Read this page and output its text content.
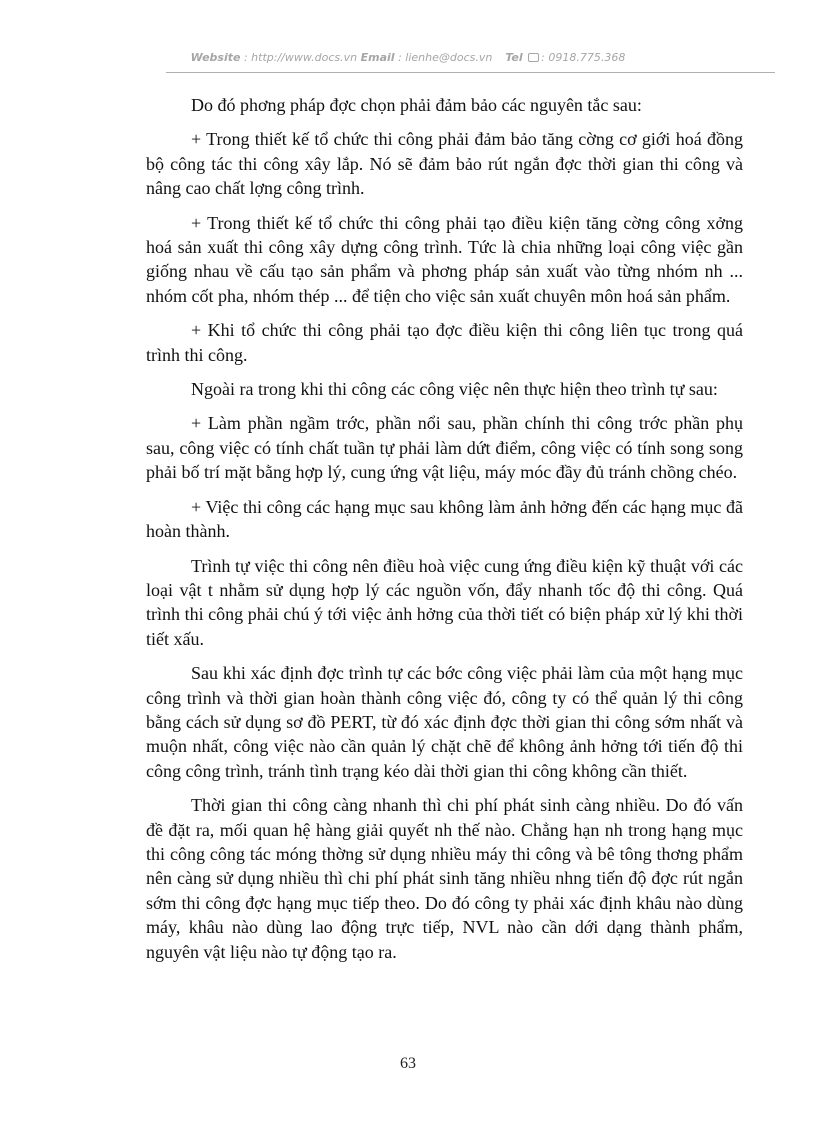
Website : http://www.docs.vn Email : lienhe@docs.vn Tel : 0918.775.368

Do đó phơng pháp đợc chọn phải đảm bảo các nguyên tắc sau:

+ Trong thiết kế tổ chức thi công phải đảm bảo tăng cờng cơ giới hoá đồng bộ công tác thi công xây lắp. Nó sẽ đảm bảo rút ngắn đợc thời gian thi công và nâng cao chất lợng công trình.

+ Trong thiết kế tổ chức thi công phải tạo điều kiện tăng cờng công xởng hoá sản xuất thi công xây dựng công trình. Tức là chia những loại công việc gần giống nhau về cấu tạo sản phẩm và phơng pháp sản xuất vào từng nhóm nh ... nhóm cốt pha, nhóm thép ... để tiện cho việc sản xuất chuyên môn hoá sản phẩm.

+ Khi tổ chức thi công phải tạo đợc điều kiện thi công liên tục trong quá trình thi công.

Ngoài ra trong khi thi công các công việc nên thực hiện theo trình tự sau:

+ Làm phần ngầm trớc, phần nổi sau, phần chính thi công trớc phần phụ sau, công việc có tính chất tuần tự phải làm dứt điểm, công việc có tính song song phải bố trí mặt bằng hợp lý, cung ứng vật liệu, máy móc đầy đủ tránh chồng chéo.

+ Việc thi công các hạng mục sau không làm ảnh hởng đến các hạng mục đã hoàn thành.

Trình tự việc thi công nên điều hoà việc cung ứng điều kiện kỹ thuật với các loại vật t nhằm sử dụng hợp lý các nguồn vốn, đẩy nhanh tốc độ thi công. Quá trình thi công phải chú ý tới việc ảnh hởng của thời tiết có biện pháp xử lý khi thời tiết xấu.

Sau khi xác định đợc trình tự các bớc công việc phải làm của một hạng mục công trình và thời gian hoàn thành công việc đó, công ty có thể quản lý thi công bằng cách sử dụng sơ đồ PERT, từ đó xác định đợc thời gian thi công sớm nhất và muộn nhất, công việc nào cần quản lý chặt chẽ để không ảnh hởng tới tiến độ thi công công trình, tránh tình trạng kéo dài thời gian thi công không cần thiết.

Thời gian thi công càng nhanh thì chi phí phát sinh càng nhiều. Do đó vấn đề đặt ra, mối quan hệ hàng giải quyết nh thế nào. Chẳng hạn nh trong hạng mục thi công công tác móng thờng sử dụng nhiều máy thi công và bê tông thơng phẩm nên càng sử dụng nhiều thì chi phí phát sinh tăng nhiều nhng tiến độ đợc rút ngắn sớm thi công đợc hạng mục tiếp theo. Do đó công ty phải xác định khâu nào dùng máy, khâu nào dùng lao động trực tiếp, NVL nào cần dới dạng thành phẩm, nguyên vật liệu nào tự động tạo ra.

63
